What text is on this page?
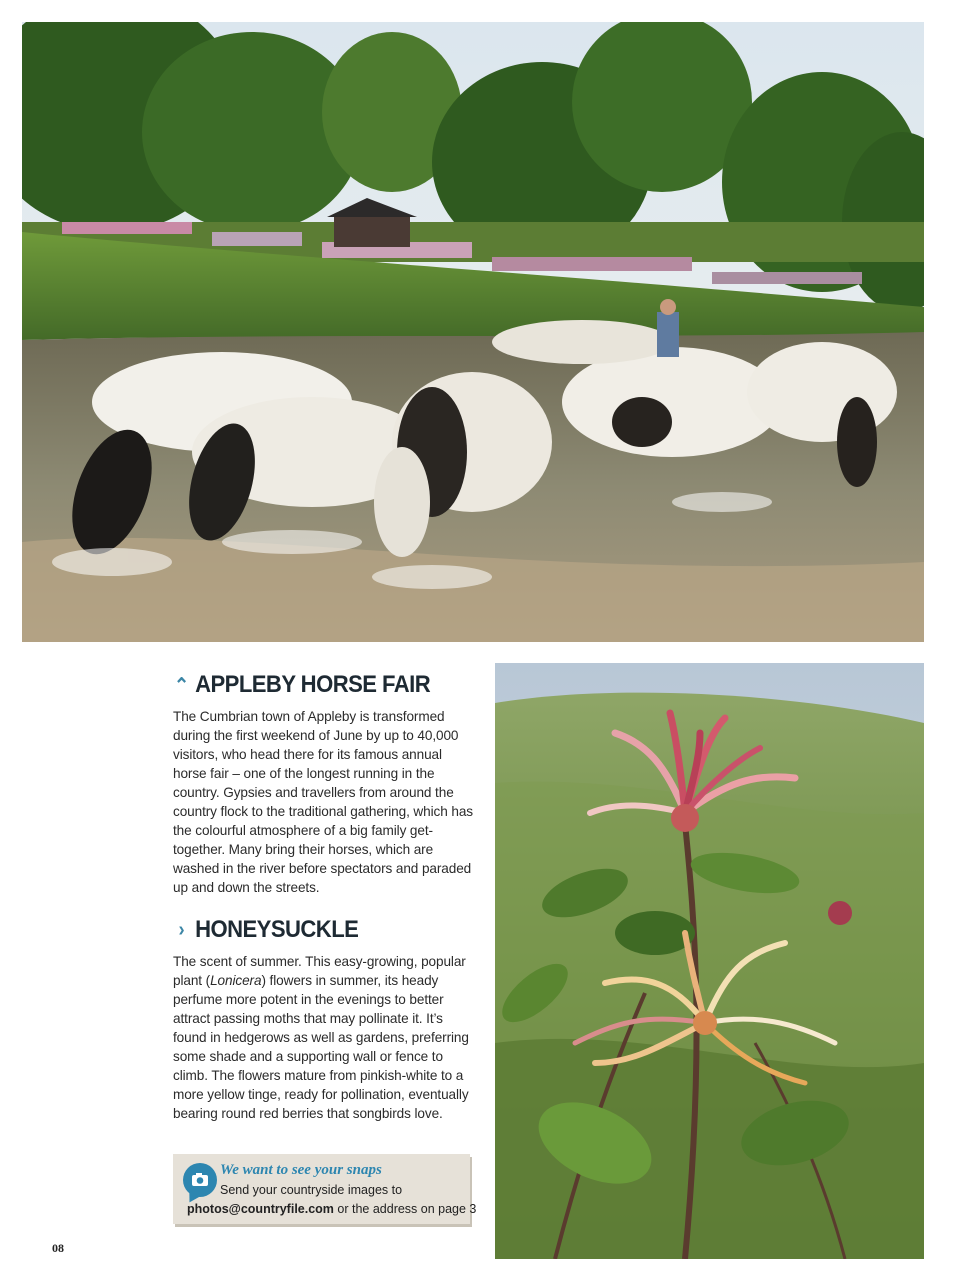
⌃ APPLEBY HORSE FAIR

The Cumbrian town of Appleby is transformed during the first weekend of June by up to 40,000 visitors, who head there for its famous annual horse fair – one of the longest running in the country. Gypsies and travellers from around the country flock to the traditional gathering, which has the colourful atmosphere of a big family get-together. Many bring their horses, which are washed in the river before spectators and paraded up and down the streets.

› HONEYSUCKLE

The scent of summer. This easy-growing, popular plant (Lonicera) flowers in summer, its heady perfume more potent in the evenings to better attract passing moths that may pollinate it. It’s found in hedgerows as well as gardens, preferring some shade and a supporting wall or fence to climb. The flowers mature from pinkish-white to a more yellow tinge, ready for pollination, eventually bearing round red berries that songbirds love.

We want to see your snaps
Send your countryside images to
photos@countryfile.com or the address on page 3
08
